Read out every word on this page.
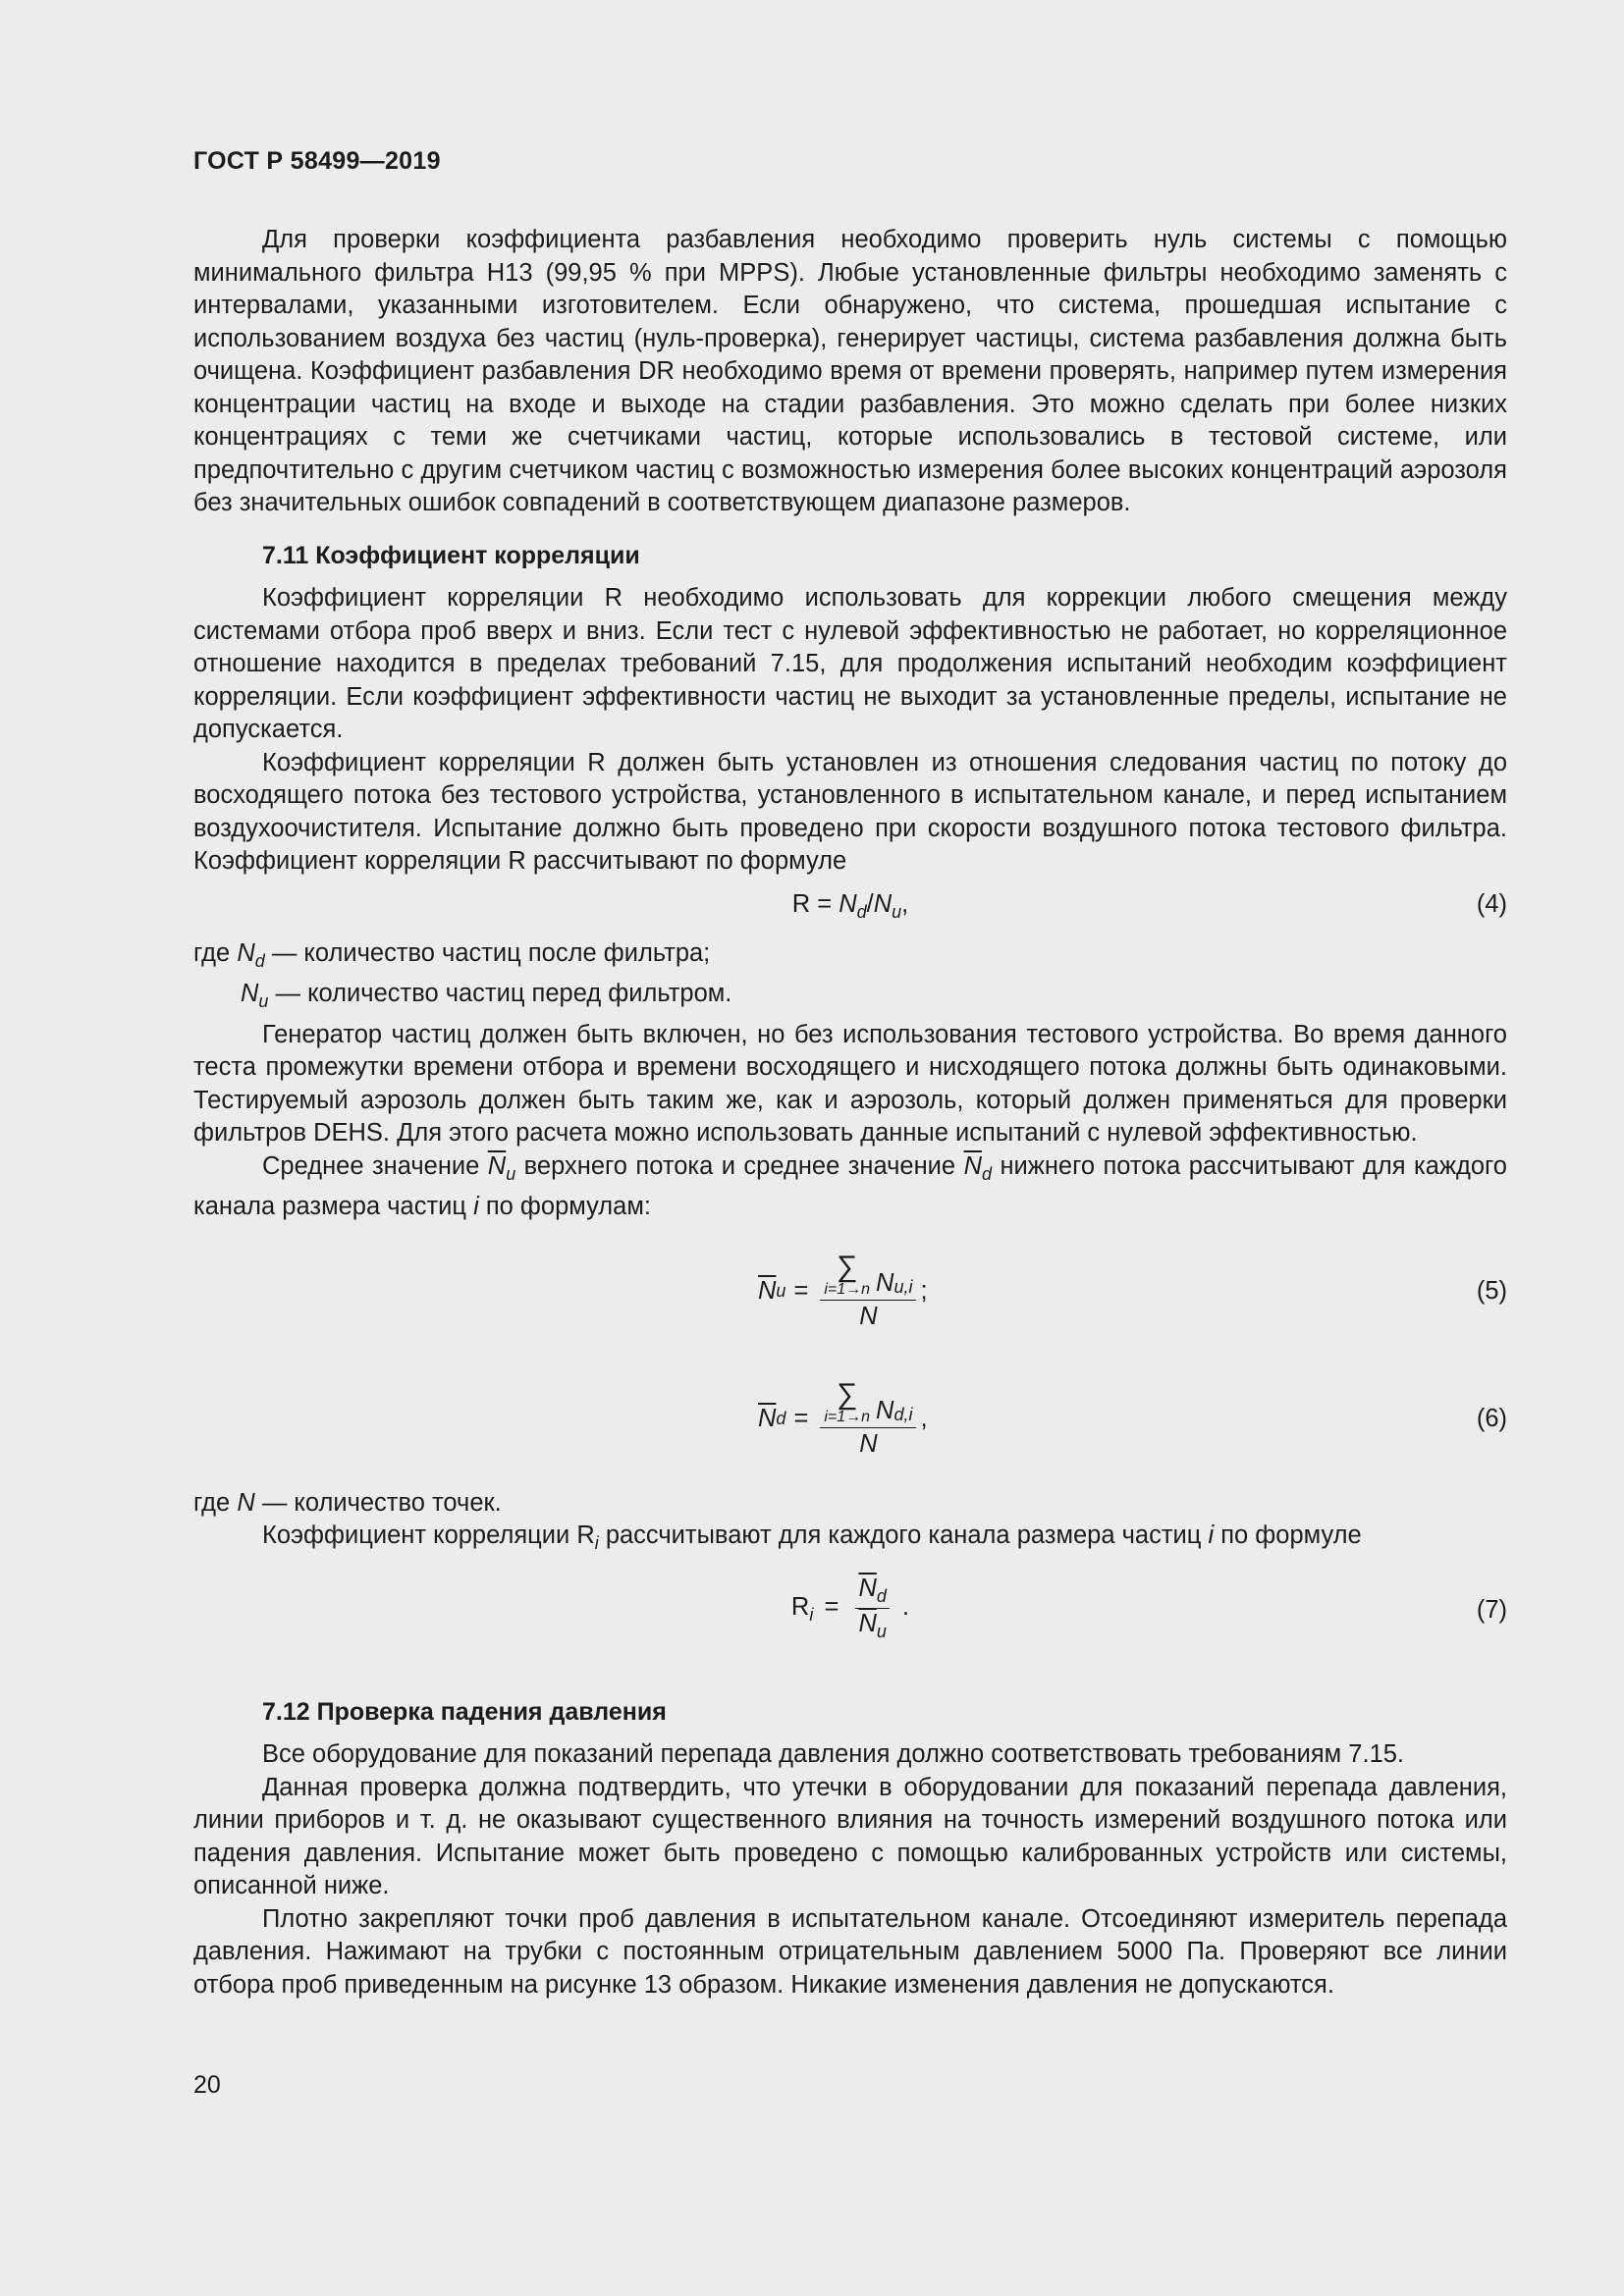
ГОСТ Р 58499—2019

Для проверки коэффициента разбавления необходимо проверить нуль системы с помощью минимального фильтра H13 (99,95 % при MPPS). Любые установленные фильтры необходимо заменять с интервалами, указанными изготовителем. Если обнаружено, что система, прошедшая испытание с использованием воздуха без частиц (нуль-проверка), генерирует частицы, система разбавления должна быть очищена. Коэффициент разбавления DR необходимо время от времени проверять, например путем измерения концентрации частиц на входе и выходе на стадии разбавления. Это можно сделать при более низких концентрациях с теми же счетчиками частиц, которые использовались в тестовой системе, или предпочтительно с другим счетчиком частиц с возможностью измерения более высоких концентраций аэрозоля без значительных ошибок совпадений в соответствующем диапазоне размеров.

7.11 Коэффициент корреляции

Коэффициент корреляции R необходимо использовать для коррекции любого смещения между системами отбора проб вверх и вниз. Если тест с нулевой эффективностью не работает, но корреляционное отношение находится в пределах требований 7.15, для продолжения испытаний необходим коэффициент корреляции. Если коэффициент эффективности частиц не выходит за установленные пределы, испытание не допускается.

Коэффициент корреляции R должен быть установлен из отношения следования частиц по потоку до восходящего потока без тестового устройства, установленного в испытательном канале, и перед испытанием воздухоочистителя. Испытание должно быть проведено при скорости воздушного потока тестового фильтра. Коэффициент корреляции R рассчитывают по формуле

$R = N_d/N_u$,	(4)
где $N_d$ — количество частиц после фильтра;
$N_u$ — количество частиц перед фильтром.

Генератор частиц должен быть включен, но без использования тестового устройства. Во время данного теста промежутки времени отбора и времени восходящего и нисходящего потока должны быть одинаковыми. Тестируемый аэрозоль должен быть таким же, как и аэрозоль, который должен применяться для проверки фильтров DEHS. Для этого расчета можно использовать данные испытаний с нулевой эффективностью.

Среднее значение $\overline{N}_u$ верхнего потока и среднее значение $\overline{N}_d$ нижнего потока рассчитывают для каждого канала размера частиц i по формулам:

$\overline{N}$ u = ∑
i=1→n N u,i
N ;	(5)
$\overline{N}$ d = ∑
i=1→n N d,i
N ,	(6)
где N — количество точек.

Коэффициент корреляции $R_i$ рассчитывают для каждого канала размера частиц i по формуле

$R_i = \frac{\overline{N}_d}{\overline{N}_u}$ .	(7)
7.12 Проверка падения давления

Все оборудование для показаний перепада давления должно соответствовать требованиям 7.15.

Данная проверка должна подтвердить, что утечки в оборудовании для показаний перепада давления, линии приборов и т. д. не оказывают существенного влияния на точность измерений воздушного потока или падения давления. Испытание может быть проведено с помощью калиброванных устройств или системы, описанной ниже.

Плотно закрепляют точки проб давления в испытательном канале. Отсоединяют измеритель перепада давления. Нажимают на трубки с постоянным отрицательным давлением 5000 Па. Проверяют все линии отбора проб приведенным на рисунке 13 образом. Никакие изменения давления не допускаются.

20
